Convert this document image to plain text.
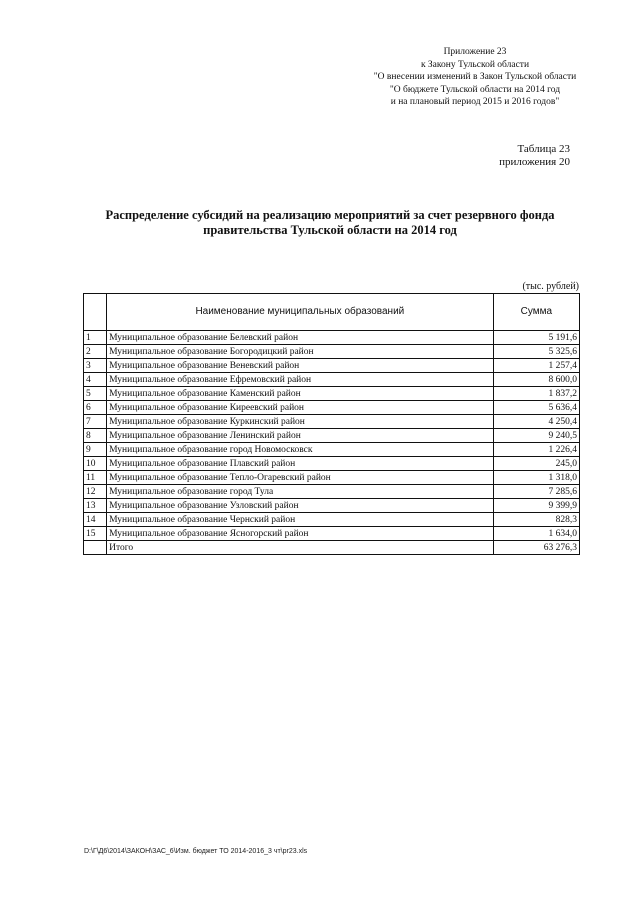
Приложение 23
к Закону Тульской области
"О внесении изменений в Закон Тульской области
"О бюджете Тульской области на 2014 год
и на плановый период 2015 и 2016 годов"
Таблица 23
приложения 20
Распределение субсидий на реализацию мероприятий за счет резервного фонда
правительства Тульской области на 2014 год
(тыс. рублей)
	Наименование муниципальных образований	Сумма
1	Муниципальное образование Белевский район	5 191,6
2	Муниципальное образование Богородицкий район	5 325,6
3	Муниципальное образование Веневский район	1 257,4
4	Муниципальное образование Ефремовский район	8 600,0
5	Муниципальное образование Каменский район	1 837,2
6	Муниципальное образование Киреевский район	5 636,4
7	Муниципальное образование Куркинский район	4 250,4
8	Муниципальное образование Ленинский район	9 240,5
9	Муниципальное образование город Новомосковск	1 226,4
10	Муниципальное образование Плавский район	245,0
11	Муниципальное образование Тепло-Огаревский район	1 318,0
12	Муниципальное образование город Тула	7 285,6
13	Муниципальное образование Узловский район	9 399,9
14	Муниципальное образование Чернский район	828,3
15	Муниципальное образование Ясногорский район	1 634,0
	Итого	63 276,3
D:\Г\Д6\2014\ЗАКОН\ЗАС_6\Изм. бюджет ТО 2014-2016_3 чт\pr23.xls
